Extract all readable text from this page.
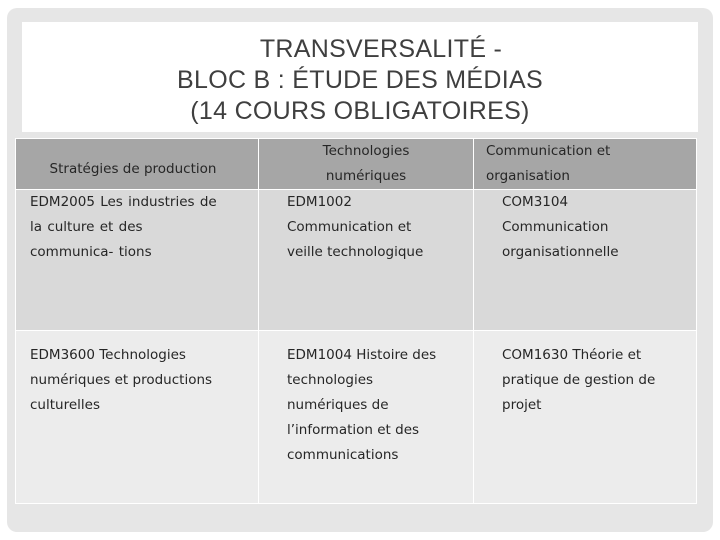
TRANSVERSALITÉ -
BLOC B : ÉTUDE DES MÉDIAS
(14 COURS OBLIGATOIRES)
Stratégies de production	Technologies numériques	Communication et organisation

EDM2005 Les industries de la culture et des communica- tions	EDM1002 Communication et veille technologique	COM3104 Communication organisationnelle

EDM3600 Technologies numériques et productions culturelles	EDM1004 Histoire des technologies numériques de l’information et des communications	COM1630 Théorie et pratique de gestion de projet
